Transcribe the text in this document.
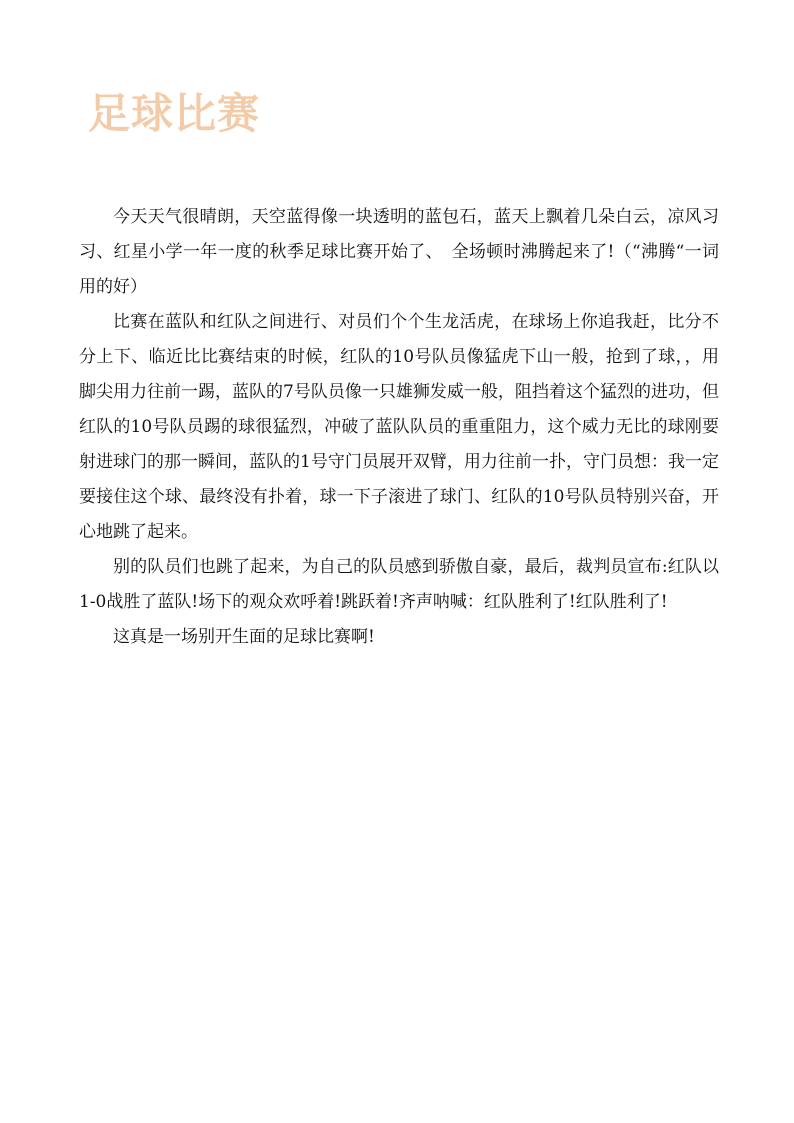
足球比赛

今天天气很晴朗，天空蓝得像一块透明的蓝包石，蓝天上飘着几朵白云，凉风习习、红星小学一年一度的秋季足球比赛开始了、　全场顿时沸腾起来了!（“沸腾“一词用的好）

比赛在蓝队和红队之间进行、对员们个个生龙活虎，在球场上你追我赶，比分不分上下、临近比比赛结束的时候，红队的10号队员像猛虎下山一般，抢到了球，，用脚尖用力往前一踢，蓝队的7号队员像一只雄狮发威一般，阻挡着这个猛烈的进功，但红队的10号队员踢的球很猛烈，冲破了蓝队队员的重重阻力，这个威力无比的球刚要射进球门的那一瞬间，蓝队的1号守门员展开双臂，用力往前一扑，守门员想：我一定要接住这个球、最终没有扑着，球一下子滚进了球门、红队的10号队员特别兴奋，开心地跳了起来。

别的队员们也跳了起来，为自己的队员感到骄傲自豪，最后，裁判员宣布:红队以1-0战胜了蓝队!场下的观众欢呼着!跳跃着!齐声呐喊：红队胜利了!红队胜利了!

这真是一场别开生面的足球比赛啊!
